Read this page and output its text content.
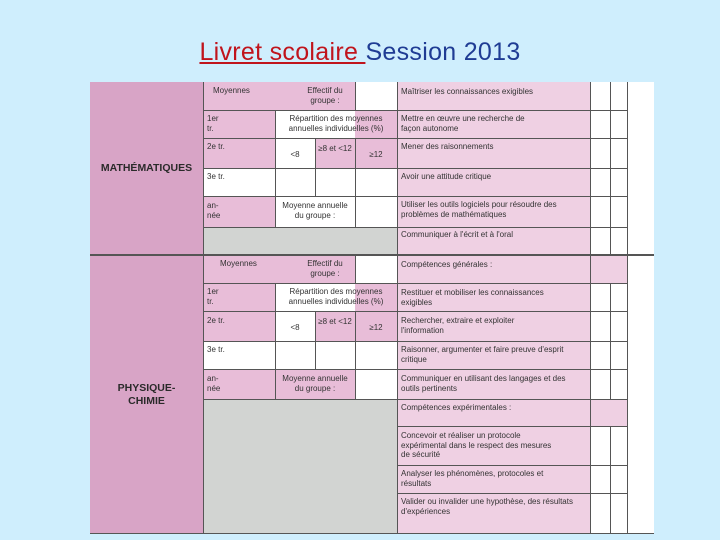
Livret scolaire Session 2013
MATHÉMATIQUES
Moyennes	Effectif du groupe :
1er tr.
2e tr.
3e tr.
an- née
Répartition des moyennes annuelles individuelles (%)
<8
≥8 et <12
≥12
Moyenne annuelle du groupe :
Maîtriser les connaissances exigibles
Mettre en œuvre une recherche de façon autonome
Mener des raisonnements
Avoir une attitude critique
Utiliser les outils logiciels pour résoudre des problèmes de mathématiques
Communiquer à l'écrit et à l'oral
PHYSIQUE-CHIMIE
Moyennes	Effectif du groupe :
1er tr.
2e tr.
3e tr.
an- née
Répartition des moyennes annuelles individuelles (%)
<8
≥8 et <12
≥12
Moyenne annuelle du groupe :
Compétences générales :
Restituer et mobiliser les connaissances exigibles
Rechercher, extraire et exploiter l'information
Raisonner, argumenter et faire preuve d'esprit critique
Communiquer en utilisant des langages et des outils pertinents
Compétences expérimentales :
Concevoir et réaliser un protocole expérimental dans le respect des mesures de sécurité
Analyser les phénomènes, protocoles et résultats
Valider ou invalider une hypothèse, des résultats d'expériences
